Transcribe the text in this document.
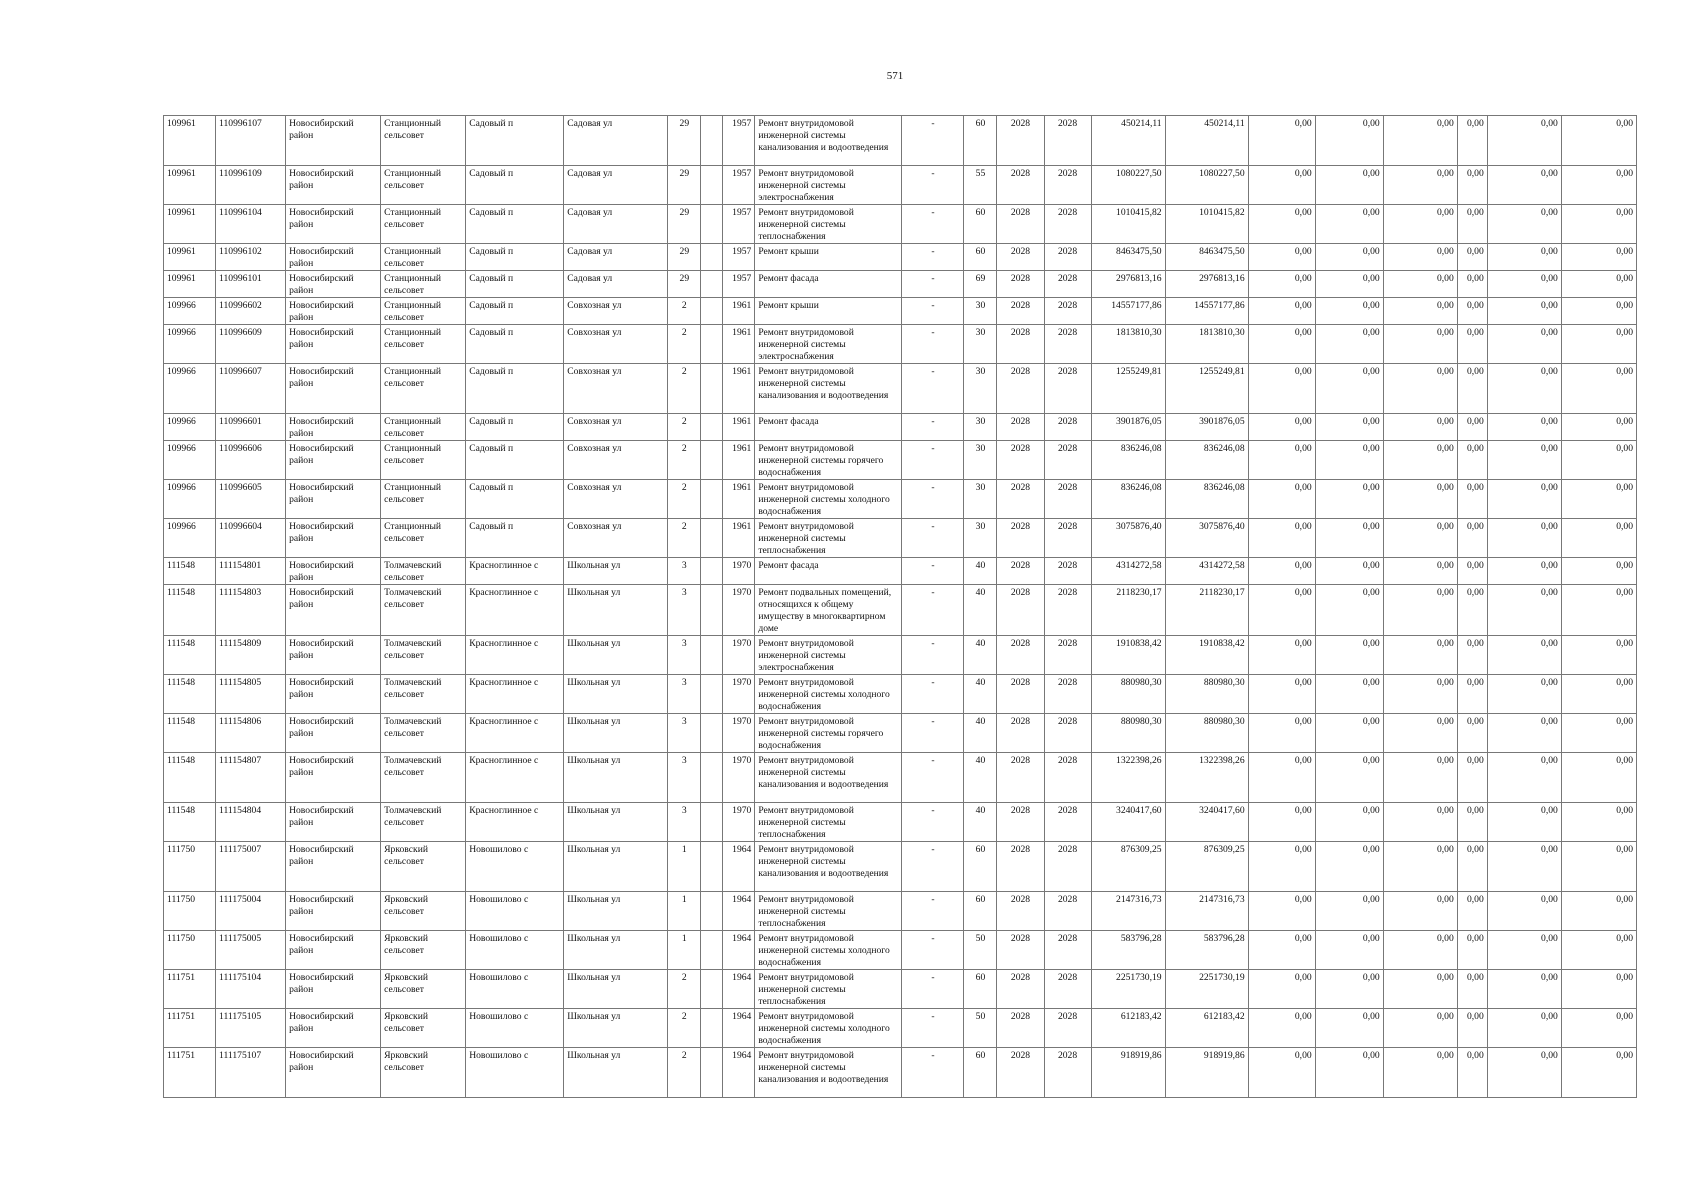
571
109961	110996107	Новосибирский район	Станционный сельсовет	Садовый п	Садовая ул	29		1957	Ремонт внутридомовой инженерной системы канализования и водоотведения	-	60	2028	2028	450214,11	450214,11	0,00	0,00	0,00	0,00	0,00	0,00
109961	110996109	Новосибирский район	Станционный сельсовет	Садовый п	Садовая ул	29		1957	Ремонт внутридомовой инженерной системы электроснабжения	-	55	2028	2028	1080227,50	1080227,50	0,00	0,00	0,00	0,00	0,00	0,00
109961	110996104	Новосибирский район	Станционный сельсовет	Садовый п	Садовая ул	29		1957	Ремонт внутридомовой инженерной системы теплоснабжения	-	60	2028	2028	1010415,82	1010415,82	0,00	0,00	0,00	0,00	0,00	0,00
109961	110996102	Новосибирский район	Станционный сельсовет	Садовый п	Садовая ул	29		1957	Ремонт крыши	-	60	2028	2028	8463475,50	8463475,50	0,00	0,00	0,00	0,00	0,00	0,00
109961	110996101	Новосибирский район	Станционный сельсовет	Садовый п	Садовая ул	29		1957	Ремонт фасада	-	69	2028	2028	2976813,16	2976813,16	0,00	0,00	0,00	0,00	0,00	0,00
109966	110996602	Новосибирский район	Станционный сельсовет	Садовый п	Совхозная ул	2		1961	Ремонт крыши	-	30	2028	2028	14557177,86	14557177,86	0,00	0,00	0,00	0,00	0,00	0,00
109966	110996609	Новосибирский район	Станционный сельсовет	Садовый п	Совхозная ул	2		1961	Ремонт внутридомовой инженерной системы электроснабжения	-	30	2028	2028	1813810,30	1813810,30	0,00	0,00	0,00	0,00	0,00	0,00
109966	110996607	Новосибирский район	Станционный сельсовет	Садовый п	Совхозная ул	2		1961	Ремонт внутридомовой инженерной системы канализования и водоотведения	-	30	2028	2028	1255249,81	1255249,81	0,00	0,00	0,00	0,00	0,00	0,00
109966	110996601	Новосибирский район	Станционный сельсовет	Садовый п	Совхозная ул	2		1961	Ремонт фасада	-	30	2028	2028	3901876,05	3901876,05	0,00	0,00	0,00	0,00	0,00	0,00
109966	110996606	Новосибирский район	Станционный сельсовет	Садовый п	Совхозная ул	2		1961	Ремонт внутридомовой инженерной системы горячего водоснабжения	-	30	2028	2028	836246,08	836246,08	0,00	0,00	0,00	0,00	0,00	0,00
109966	110996605	Новосибирский район	Станционный сельсовет	Садовый п	Совхозная ул	2		1961	Ремонт внутридомовой инженерной системы холодного водоснабжения	-	30	2028	2028	836246,08	836246,08	0,00	0,00	0,00	0,00	0,00	0,00
109966	110996604	Новосибирский район	Станционный сельсовет	Садовый п	Совхозная ул	2		1961	Ремонт внутридомовой инженерной системы теплоснабжения	-	30	2028	2028	3075876,40	3075876,40	0,00	0,00	0,00	0,00	0,00	0,00
111548	111154801	Новосибирский район	Толмачевский сельсовет	Красноглинное с	Школьная ул	3		1970	Ремонт фасада	-	40	2028	2028	4314272,58	4314272,58	0,00	0,00	0,00	0,00	0,00	0,00
111548	111154803	Новосибирский район	Толмачевский сельсовет	Красноглинное с	Школьная ул	3		1970	Ремонт подвальных помещений, относящихся к общему имуществу в многоквартирном доме	-	40	2028	2028	2118230,17	2118230,17	0,00	0,00	0,00	0,00	0,00	0,00
111548	111154809	Новосибирский район	Толмачевский сельсовет	Красноглинное с	Школьная ул	3		1970	Ремонт внутридомовой инженерной системы электроснабжения	-	40	2028	2028	1910838,42	1910838,42	0,00	0,00	0,00	0,00	0,00	0,00
111548	111154805	Новосибирский район	Толмачевский сельсовет	Красноглинное с	Школьная ул	3		1970	Ремонт внутридомовой инженерной системы холодного водоснабжения	-	40	2028	2028	880980,30	880980,30	0,00	0,00	0,00	0,00	0,00	0,00
111548	111154806	Новосибирский район	Толмачевский сельсовет	Красноглинное с	Школьная ул	3		1970	Ремонт внутридомовой инженерной системы горячего водоснабжения	-	40	2028	2028	880980,30	880980,30	0,00	0,00	0,00	0,00	0,00	0,00
111548	111154807	Новосибирский район	Толмачевский сельсовет	Красноглинное с	Школьная ул	3		1970	Ремонт внутридомовой инженерной системы канализования и водоотведения	-	40	2028	2028	1322398,26	1322398,26	0,00	0,00	0,00	0,00	0,00	0,00
111548	111154804	Новосибирский район	Толмачевский сельсовет	Красноглинное с	Школьная ул	3		1970	Ремонт внутридомовой инженерной системы теплоснабжения	-	40	2028	2028	3240417,60	3240417,60	0,00	0,00	0,00	0,00	0,00	0,00
111750	111175007	Новосибирский район	Ярковский сельсовет	Новошилово с	Школьная ул	1		1964	Ремонт внутридомовой инженерной системы канализования и водоотведения	-	60	2028	2028	876309,25	876309,25	0,00	0,00	0,00	0,00	0,00	0,00
111750	111175004	Новосибирский район	Ярковский сельсовет	Новошилово с	Школьная ул	1		1964	Ремонт внутридомовой инженерной системы теплоснабжения	-	60	2028	2028	2147316,73	2147316,73	0,00	0,00	0,00	0,00	0,00	0,00
111750	111175005	Новосибирский район	Ярковский сельсовет	Новошилово с	Школьная ул	1		1964	Ремонт внутридомовой инженерной системы холодного водоснабжения	-	50	2028	2028	583796,28	583796,28	0,00	0,00	0,00	0,00	0,00	0,00
111751	111175104	Новосибирский район	Ярковский сельсовет	Новошилово с	Школьная ул	2		1964	Ремонт внутридомовой инженерной системы теплоснабжения	-	60	2028	2028	2251730,19	2251730,19	0,00	0,00	0,00	0,00	0,00	0,00
111751	111175105	Новосибирский район	Ярковский сельсовет	Новошилово с	Школьная ул	2		1964	Ремонт внутридомовой инженерной системы холодного водоснабжения	-	50	2028	2028	612183,42	612183,42	0,00	0,00	0,00	0,00	0,00	0,00
111751	111175107	Новосибирский район	Ярковский сельсовет	Новошилово с	Школьная ул	2		1964	Ремонт внутридомовой инженерной системы канализования и водоотведения	-	60	2028	2028	918919,86	918919,86	0,00	0,00	0,00	0,00	0,00	0,00
